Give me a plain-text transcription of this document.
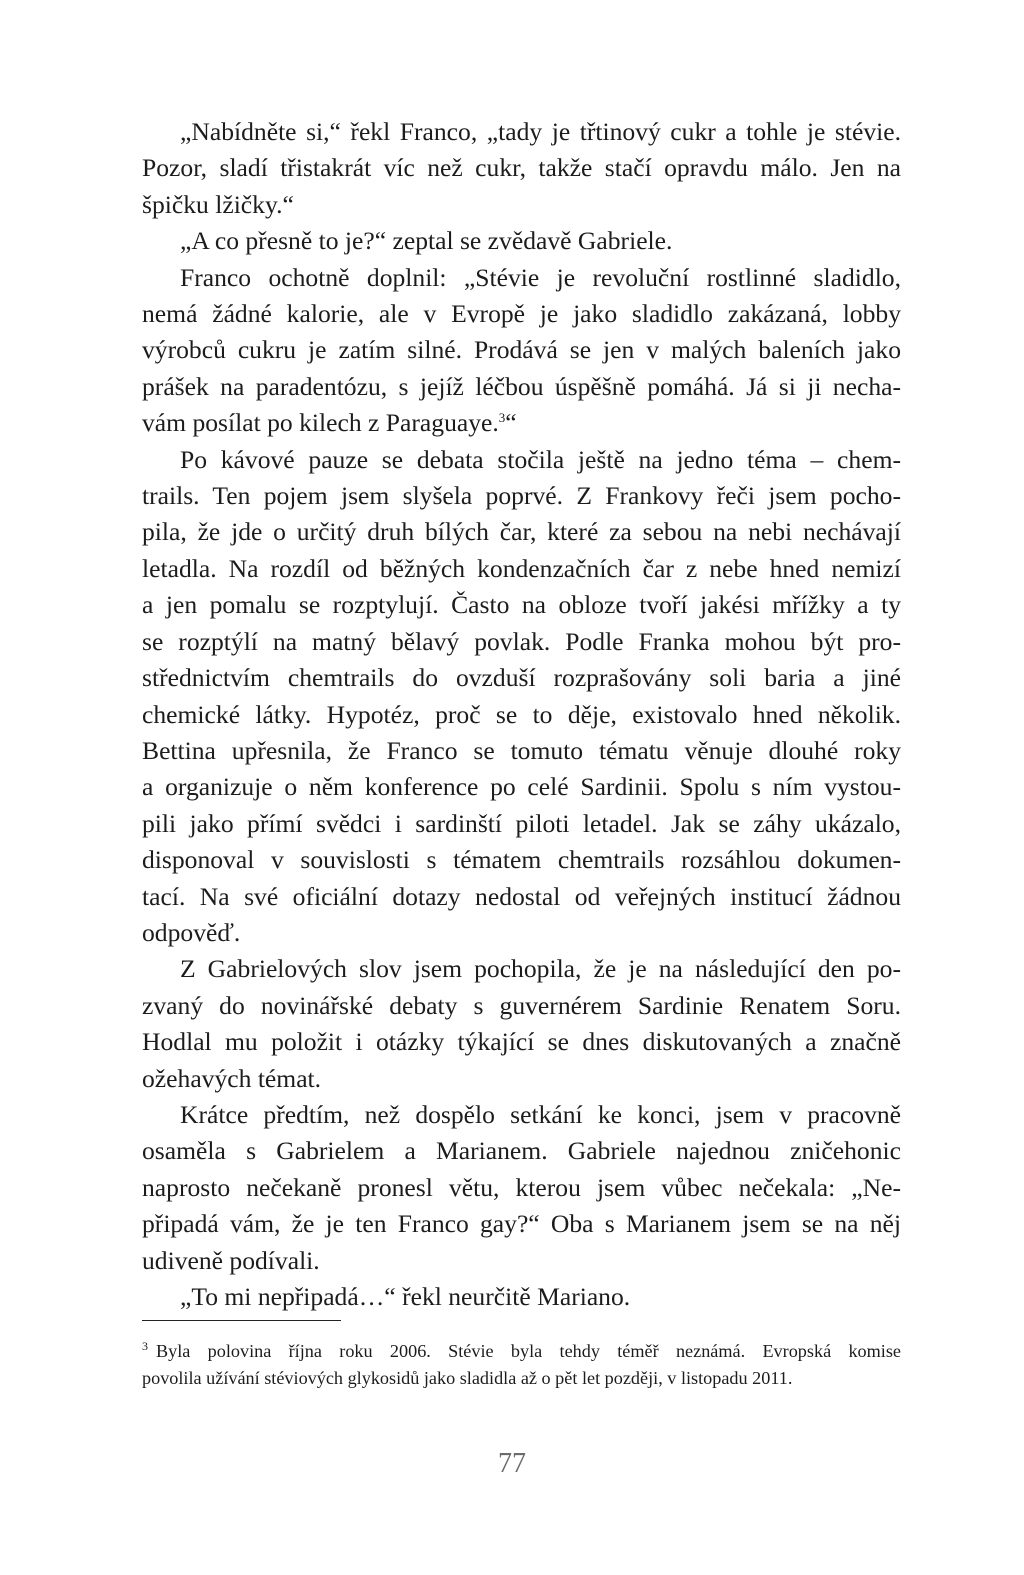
„Nabídněte si,“ řekl Franco, „tady je třtinový cukr a tohle je stévie.
Pozor, sladí třistakrát víc než cukr, takže stačí opravdu málo. Jen na
špičku lžičky.“

„A co přesně to je?“ zeptal se zvědavě Gabriele.

Franco ochotně doplnil: „Stévie je revoluční rostlinné sladidlo,
nemá žádné kalorie, ale v Evropě je jako sladidlo zakázaná, lobby
výrobců cukru je zatím silné. Prodává se jen v malých baleních jako
prášek na paradentózu, s jejíž léčbou úspěšně pomáhá. Já si ji necha-
vám posílat po kilech z Paraguaye.$^3$“

Po kávové pauze se debata stočila ještě na jedno téma – chem-
trails. Ten pojem jsem slyšela poprvé. Z Frankovy řeči jsem pocho-
pila, že jde o určitý druh bílých čar, které za sebou na nebi nechávají
letadla. Na rozdíl od běžných kondenzačních čar z nebe hned nemizí
a jen pomalu se rozptylují. Často na obloze tvoří jakési mřížky a ty
se rozptýlí na matný bělavý povlak. Podle Franka mohou být pro-
střednictvím chemtrails do ovzduší rozprašovány soli baria a jiné
chemické látky. Hypotéz, proč se to děje, existovalo hned několik.
Bettina upřesnila, že Franco se tomuto tématu věnuje dlouhé roky
a organizuje o něm konference po celé Sardinii. Spolu s ním vystou-
pili jako přímí svědci i sardinští piloti letadel. Jak se záhy ukázalo,
disponoval v souvislosti s tématem chemtrails rozsáhlou dokumen-
tací. Na své oficiální dotazy nedostal od veřejných institucí žádnou
odpověď.

Z Gabrielových slov jsem pochopila, že je na následující den po-
zvaný do novinářské debaty s guvernérem Sardinie Renatem Soru.
Hodlal mu položit i otázky týkající se dnes diskutovaných a značně
ožehavých témat.

Krátce předtím, než dospělo setkání ke konci, jsem v pracovně
osaměla s Gabrielem a Marianem. Gabriele najednou zničehonic
naprosto nečekaně pronesl větu, kterou jsem vůbec nečekala: „Ne-
připadá vám, že je ten Franco gay?“ Oba s Marianem jsem se na něj
udiveně podívali.

„To mi nepřipadá…“ řekl neurčitě Mariano.

$^3$ Byla polovina října roku 2006. Stévie byla tehdy téměř neznámá. Evropská komise
povolila užívání stéviových glykosidů jako sladidla až o pět let později, v listopadu 2011.
77
